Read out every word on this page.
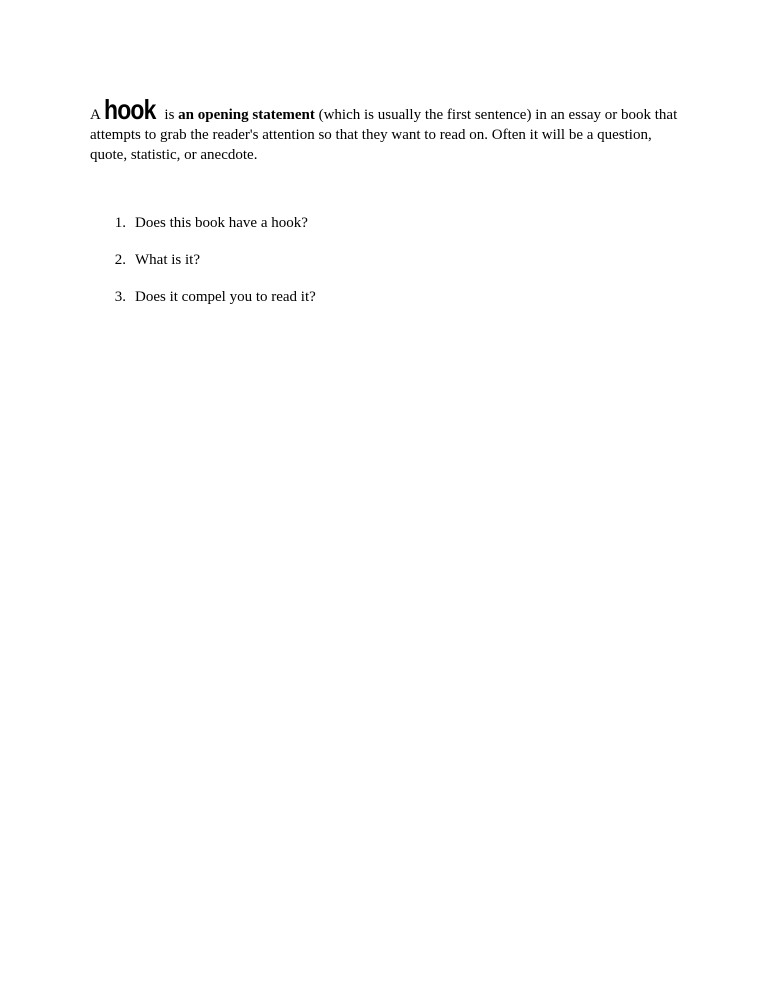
A hook is an opening statement (which is usually the first sentence) in an essay or book that attempts to grab the reader's attention so that they want to read on. Often it will be a question, quote, statistic, or anecdote.

1. Does this book have a hook?
2. What is it?
3. Does it compel you to read it?
